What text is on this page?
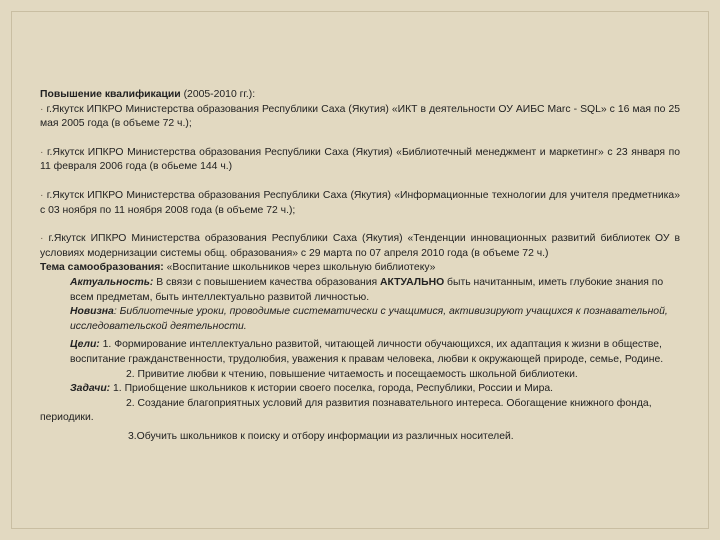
Повышение квалификации (2005-2010 гг.):

· г.Якутск ИПКРО Министерства образования Республики Саха (Якутия) «ИКТ в деятельности ОУ АИБС Marc - SQL» с 16 мая по 25 мая 2005 года (в объеме 72 ч.);

· г.Якутск ИПКРО Министерства образования Республики Саха (Якутия) «Библиотечный менеджмент и маркетинг» с 23 января по 11 февраля 2006 года (в обьеме 144 ч.)

· г.Якутск ИПКРО Министерства образования Республики Саха (Якутия) «Информационные технологии для учителя предметника» с 03 ноября по 11 ноября 2008 года (в объеме 72 ч.);

· г.Якутск ИПКРО Министерства образования Республики Саха (Якутия) «Тенденции инновационных развитий библиотек ОУ в условиях модернизации системы общ. образования» с 29 марта по 07 апреля 2010 года (в объеме 72 ч.)

Тема самообразования: «Воспитание школьников через школьную библиотеку»

Актуальность: В связи с повышением качества образования АКТУАЛЬНО быть начитанным, иметь глубокие знания по всем предметам, быть интеллектуально развитой личностью.

Новизна: Библиотечные уроки, проводимые систематически с учащимися, активизируют учащихся к познавательной, исследовательской деятельности.

Цели: 1. Формирование интеллектуально развитой, читающей личности обучающихся, их адаптация к жизни в обществе, воспитание гражданственности, трудолюбия, уважения к правам человека, любви к окружающей природе, семье, Родине.

2. Привитие любви к чтению, повышение читаемость и посещаемость школьной библиотеки.

Задачи: 1. Приобщение школьников к истории своего поселка, города, Республики, России и Мира.

2. Создание благоприятных условий для развития познавательного интереса. Обогащение книжного фонда, периодики.

3.Обучить школьников к поиску и отбору информации из различных носителей.
